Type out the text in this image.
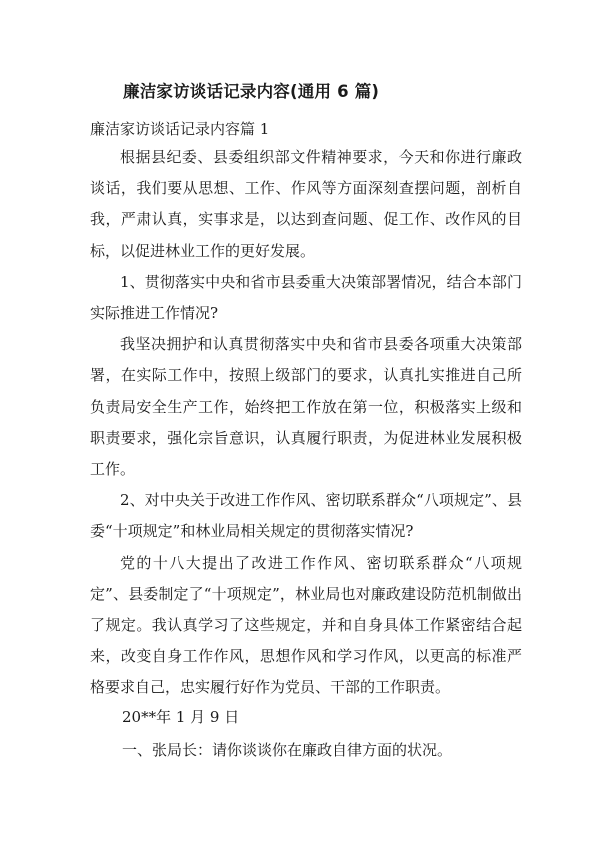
廉洁家访谈话记录内容(通用 6 篇)
廉洁家访谈话记录内容篇 1

根据县纪委、县委组织部文件精神要求，今天和你进行廉政谈话，我们要从思想、工作、作风等方面深刻查摆问题，剖析自我，严肃认真，实事求是，以达到查问题、促工作、改作风的目标，以促进林业工作的更好发展。

1、贯彻落实中央和省市县委重大决策部署情况，结合本部门实际推进工作情况?

我坚决拥护和认真贯彻落实中央和省市县委各项重大决策部署，在实际工作中，按照上级部门的要求，认真扎实推进自己所负责局安全生产工作，始终把工作放在第一位，积极落实上级和职责要求，强化宗旨意识，认真履行职责，为促进林业发展积极工作。

2、对中央关于改进工作作风、密切联系群众“八项规定”、县委“十项规定”和林业局相关规定的贯彻落实情况?

党的十八大提出了改进工作作风、密切联系群众“八项规定”、县委制定了“十项规定”，林业局也对廉政建设防范机制做出了规定。我认真学习了这些规定，并和自身具体工作紧密结合起来，改变自身工作作风，思想作风和学习作风，以更高的标准严格要求自己，忠实履行好作为党员、干部的工作职责。

20**年 1 月 9 日
一、张局长：请你谈谈你在廉政自律方面的状况。
